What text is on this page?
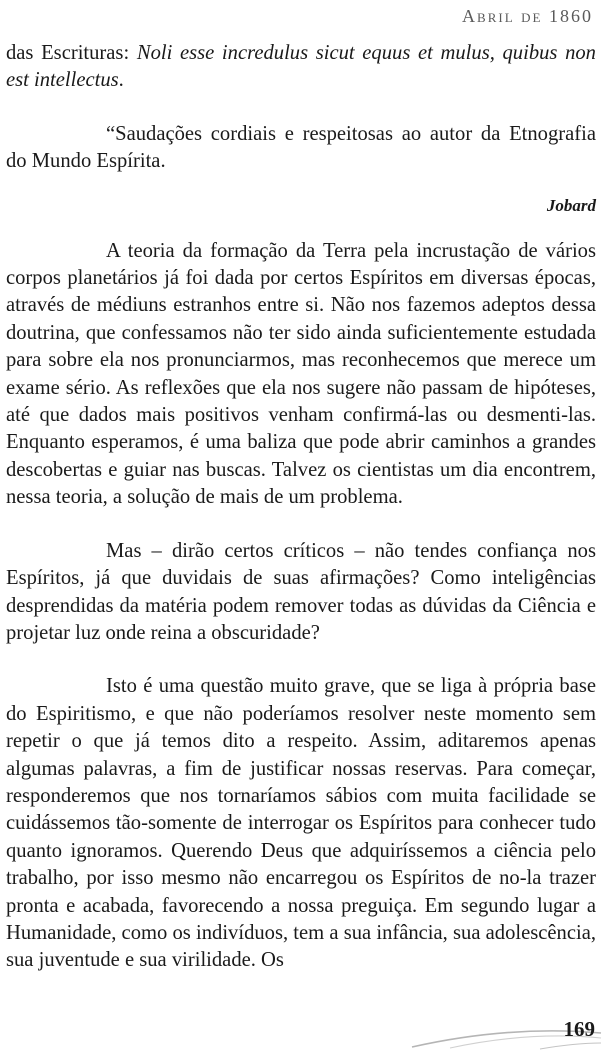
Abril de 1860

das Escrituras: Noli esse incredulus sicut equus et mulus, quibus non est intellectus.

“Saudações cordiais e respeitosas ao autor da Etnografia do Mundo Espírita.

Jobard

A teoria da formação da Terra pela incrustação de vários corpos planetários já foi dada por certos Espíritos em diversas épocas, através de médiuns estranhos entre si. Não nos fazemos adeptos dessa doutrina, que confessamos não ter sido ainda suficientemente estudada para sobre ela nos pronunciarmos, mas reconhecemos que merece um exame sério. As reflexões que ela nos sugere não passam de hipóteses, até que dados mais positivos venham confirmá-las ou desmenti-las. Enquanto esperamos, é uma baliza que pode abrir caminhos a grandes descobertas e guiar nas buscas. Talvez os cientistas um dia encontrem, nessa teoria, a solução de mais de um problema.

Mas – dirão certos críticos – não tendes confiança nos Espíritos, já que duvidais de suas afirmações? Como inteligências desprendidas da matéria podem remover todas as dúvidas da Ciência e projetar luz onde reina a obscuridade?

Isto é uma questão muito grave, que se liga à própria base do Espiritismo, e que não poderíamos resolver neste momento sem repetir o que já temos dito a respeito. Assim, aditaremos apenas algumas palavras, a fim de justificar nossas reservas. Para começar, responderemos que nos tornaríamos sábios com muita facilidade se cuidássemos tão-somente de interrogar os Espíritos para conhecer tudo quanto ignoramos. Querendo Deus que adquiríssemos a ciência pelo trabalho, por isso mesmo não encarregou os Espíritos de no-la trazer pronta e acabada, favorecendo a nossa preguiça. Em segundo lugar a Humanidade, como os indivíduos, tem a sua infância, sua adolescência, sua juventude e sua virilidade. Os

169
